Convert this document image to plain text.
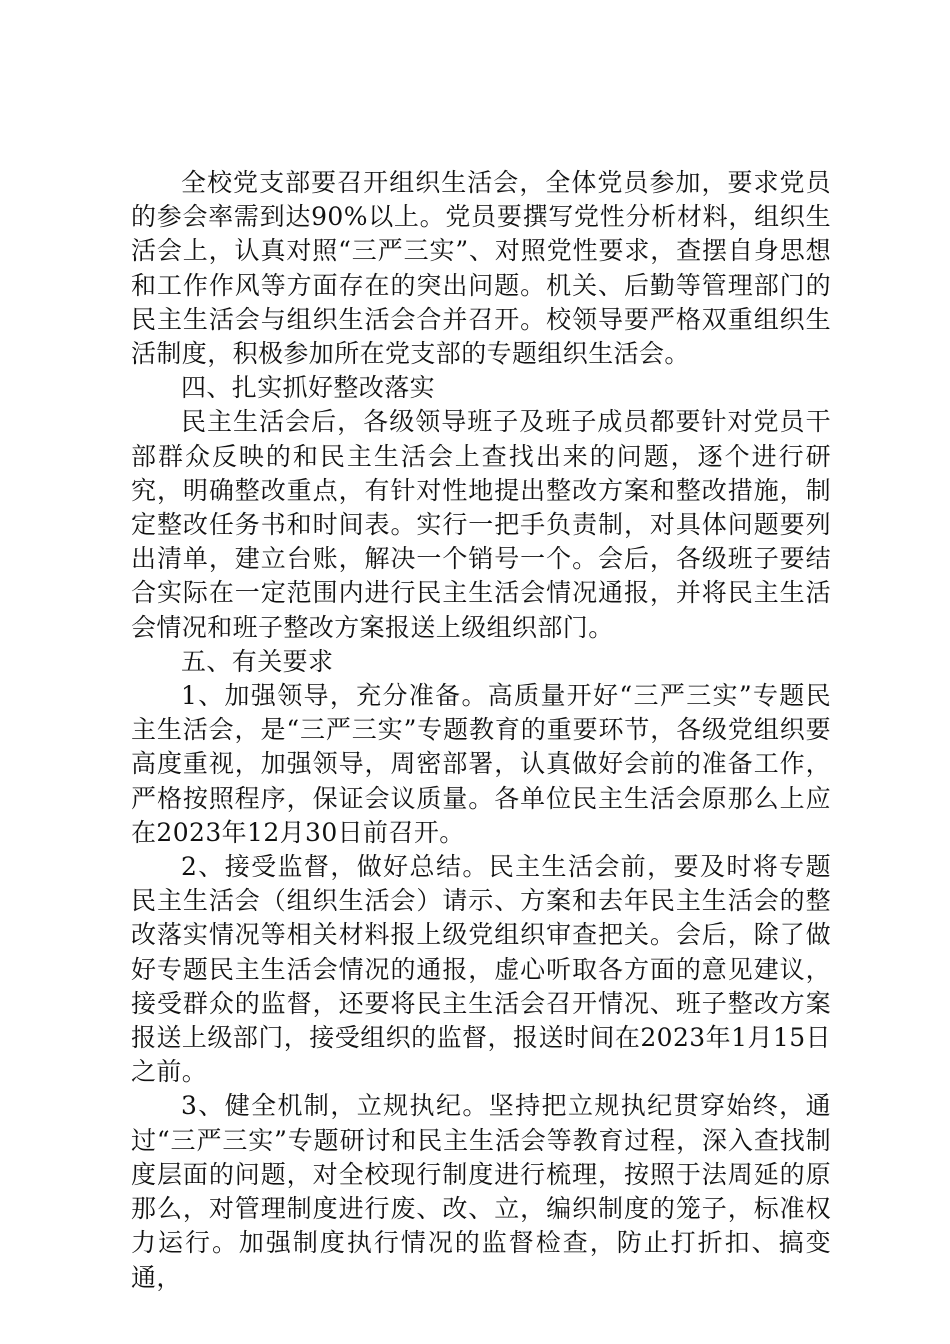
全校党支部要召开组织生活会，全体党员参加，要求党员的参会率需到达90%以上。党员要撰写党性分析材料，组织生活会上，认真对照“三严三实”、对照党性要求，查摆自身思想和工作作风等方面存在的突出问题。机关、后勤等管理部门的民主生活会与组织生活会合并召开。校领导要严格双重组织生活制度，积极参加所在党支部的专题组织生活会。

四、扎实抓好整改落实

民主生活会后，各级领导班子及班子成员都要针对党员干部群众反映的和民主生活会上查找出来的问题，逐个进行研究，明确整改重点，有针对性地提出整改方案和整改措施，制定整改任务书和时间表。实行一把手负责制，对具体问题要列出清单，建立台账，解决一个销号一个。会后，各级班子要结合实际在一定范围内进行民主生活会情况通报，并将民主生活会情况和班子整改方案报送上级组织部门。

五、有关要求

1、加强领导，充分准备。高质量开好“三严三实”专题民主生活会，是“三严三实”专题教育的重要环节，各级党组织要高度重视，加强领导，周密部署，认真做好会前的准备工作，严格按照程序，保证会议质量。各单位民主生活会原那么上应在2023年12月30日前召开。

2、接受监督，做好总结。民主生活会前，要及时将专题民主生活会（组织生活会）请示、方案和去年民主生活会的整改落实情况等相关材料报上级党组织审查把关。会后，除了做好专题民主生活会情况的通报，虚心听取各方面的意见建议，接受群众的监督，还要将民主生活会召开情况、班子整改方案报送上级部门，接受组织的监督，报送时间在2023年1月15日之前。

3、健全机制，立规执纪。坚持把立规执纪贯穿始终，通过“三严三实”专题研讨和民主生活会等教育过程，深入查找制度层面的问题，对全校现行制度进行梳理，按照于法周延的原那么，对管理制度进行废、改、立，编织制度的笼子，标准权力运行。加强制度执行情况的监督检查，防止打折扣、搞变通，
